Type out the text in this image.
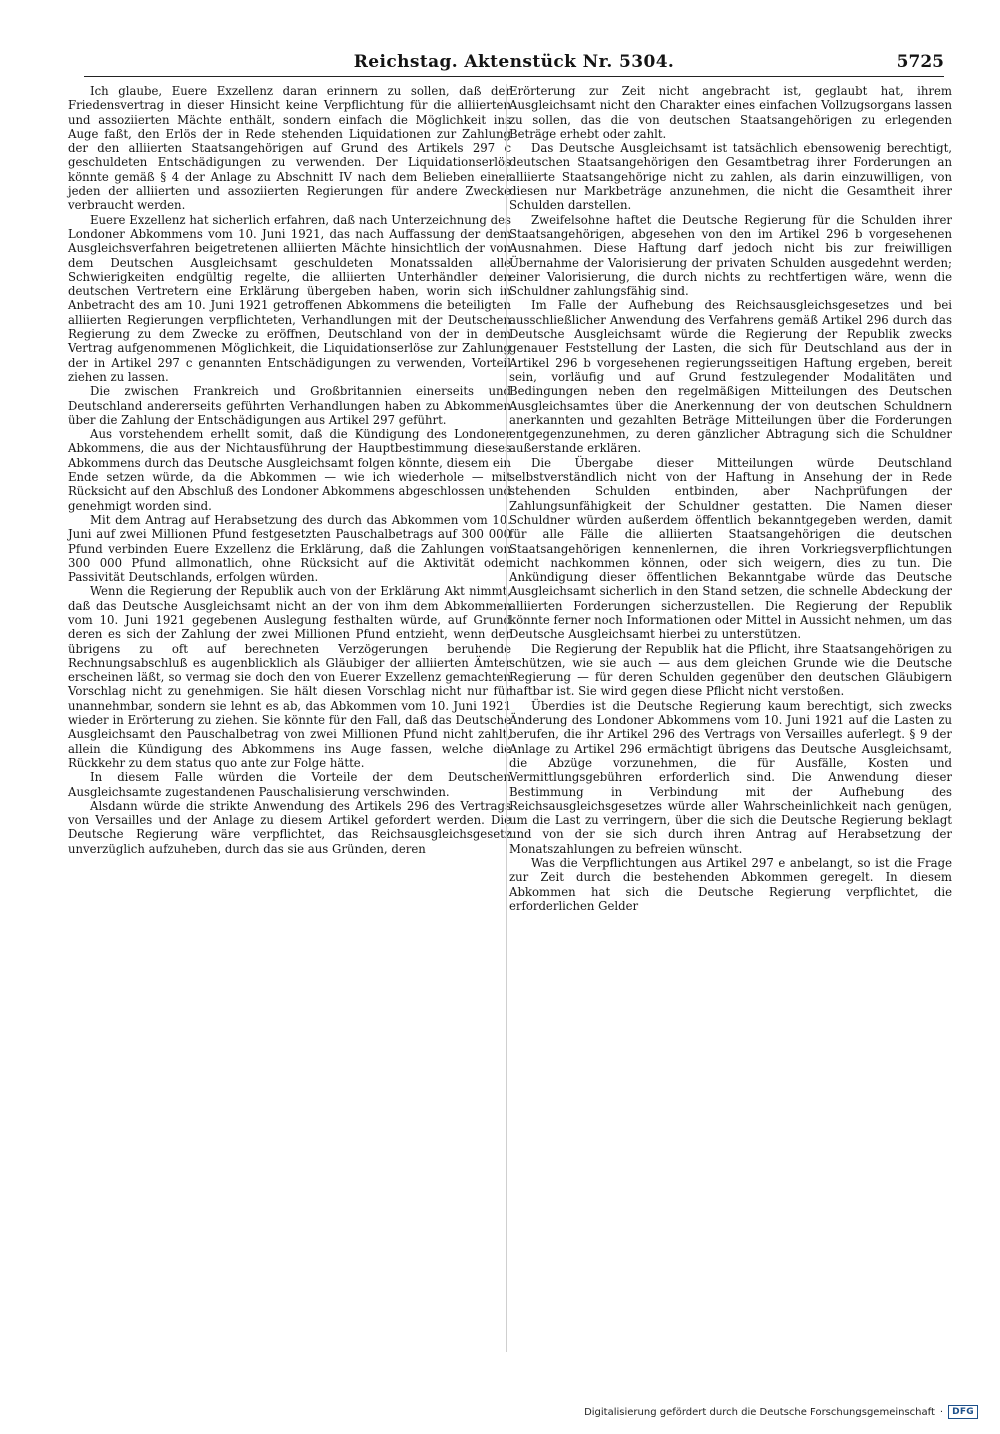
Reichstag. Aktenstück Nr. 5304.	5725

Ich glaube, Euere Exzellenz daran erinnern zu sollen, daß der Friedensvertrag in dieser Hinsicht keine Verpflichtung für die alliierten und assoziierten Mächte enthält, sondern einfach die Möglichkeit ins Auge faßt, den Erlös der in Rede stehenden Liquidationen zur Zahlung der den alliierten Staatsangehörigen auf Grund des Artikels 297 c geschuldeten Entschädigungen zu verwenden. Der Liquidationserlös könnte gemäß § 4 der Anlage zu Abschnitt IV nach dem Belieben einer jeden der alliierten und assoziierten Regierungen für andere Zwecke verbraucht werden.

Euere Exzellenz hat sicherlich erfahren, daß nach Unterzeichnung des Londoner Abkommens vom 10. Juni 1921, das nach Auffassung der dem Ausgleichsverfahren beigetretenen alliierten Mächte hinsichtlich der von dem Deutschen Ausgleichsamt geschuldeten Monatssalden alle Schwierigkeiten endgültig regelte, die alliierten Unterhändler den deutschen Vertretern eine Erklärung übergeben haben, worin sich in Anbetracht des am 10. Juni 1921 getroffenen Abkommens die beteiligten alliierten Regierungen verpflichteten, Verhandlungen mit der Deutschen Regierung zu dem Zwecke zu eröffnen, Deutschland von der in dem Vertrag aufgenommenen Möglichkeit, die Liquidationserlöse zur Zahlung der in Artikel 297 c genannten Entschädigungen zu verwenden, Vorteil ziehen zu lassen.

Die zwischen Frankreich und Großbritannien einerseits und Deutschland andererseits geführten Verhandlungen haben zu Abkommen über die Zahlung der Entschädigungen aus Artikel 297 geführt.

Aus vorstehendem erhellt somit, daß die Kündigung des Londoner Abkommens, die aus der Nichtausführung der Hauptbestimmung dieses Abkommens durch das Deutsche Ausgleichsamt folgen könnte, diesem ein Ende setzen würde, da die Abkommen — wie ich wiederhole — mit Rücksicht auf den Abschluß des Londoner Abkommens abgeschlossen und genehmigt worden sind.

Mit dem Antrag auf Herabsetzung des durch das Abkommen vom 10. Juni auf zwei Millionen Pfund festgesetzten Pauschalbetrags auf 300 000 Pfund verbinden Euere Exzellenz die Erklärung, daß die Zahlungen von 300 000 Pfund allmonatlich, ohne Rücksicht auf die Aktivität oder Passivität Deutschlands, erfolgen würden.

Wenn die Regierung der Republik auch von der Erklärung Akt nimmt, daß das Deutsche Ausgleichsamt nicht an der von ihm dem Abkommen vom 10. Juni 1921 gegebenen Auslegung festhalten würde, auf Grund deren es sich der Zahlung der zwei Millionen Pfund entzieht, wenn der übrigens zu oft auf berechneten Verzögerungen beruhende Rechnungsabschluß es augenblicklich als Gläubiger der alliierten Ämter erscheinen läßt, so vermag sie doch den von Euerer Exzellenz gemachten Vorschlag nicht zu genehmigen. Sie hält diesen Vorschlag nicht nur für unannehmbar, sondern sie lehnt es ab, das Abkommen vom 10. Juni 1921 wieder in Erörterung zu ziehen. Sie könnte für den Fall, daß das Deutsche Ausgleichsamt den Pauschalbetrag von zwei Millionen Pfund nicht zahlt, allein die Kündigung des Abkommens ins Auge fassen, welche die Rückkehr zu dem status quo ante zur Folge hätte.

In diesem Falle würden die Vorteile der dem Deutschen Ausgleichsamte zugestandenen Pauschalisierung verschwinden.

Alsdann würde die strikte Anwendung des Artikels 296 des Vertrags von Versailles und der Anlage zu diesem Artikel gefordert werden. Die Deutsche Regierung wäre verpflichtet, das Reichsausgleichsgesetz unverzüglich aufzuheben, durch das sie aus Gründen, deren

Erörterung zur Zeit nicht angebracht ist, geglaubt hat, ihrem Ausgleichsamt nicht den Charakter eines einfachen Vollzugsorgans lassen zu sollen, das die von deutschen Staatsangehörigen zu erlegenden Beträge erhebt oder zahlt.

Das Deutsche Ausgleichsamt ist tatsächlich ebensowenig berechtigt, deutschen Staatsangehörigen den Gesamtbetrag ihrer Forderungen an alliierte Staatsangehörige nicht zu zahlen, als darin einzuwilligen, von diesen nur Markbeträge anzunehmen, die nicht die Gesamtheit ihrer Schulden darstellen.

Zweifelsohne haftet die Deutsche Regierung für die Schulden ihrer Staatsangehörigen, abgesehen von den im Artikel 296 b vorgesehenen Ausnahmen. Diese Haftung darf jedoch nicht bis zur freiwilligen Übernahme der Valorisierung der privaten Schulden ausgedehnt werden; einer Valorisierung, die durch nichts zu rechtfertigen wäre, wenn die Schuldner zahlungsfähig sind.

Im Falle der Aufhebung des Reichsausgleichsgesetzes und bei ausschließlicher Anwendung des Verfahrens gemäß Artikel 296 durch das Deutsche Ausgleichsamt würde die Regierung der Republik zwecks genauer Feststellung der Lasten, die sich für Deutschland aus der in Artikel 296 b vorgesehenen regierungsseitigen Haftung ergeben, bereit sein, vorläufig und auf Grund festzulegender Modalitäten und Bedingungen neben den regelmäßigen Mitteilungen des Deutschen Ausgleichsamtes über die Anerkennung der von deutschen Schuldnern anerkannten und gezahlten Beträge Mitteilungen über die Forderungen entgegenzunehmen, zu deren gänzlicher Abtragung sich die Schuldner außerstande erklären.

Die Übergabe dieser Mitteilungen würde Deutschland selbstverständlich nicht von der Haftung in Ansehung der in Rede stehenden Schulden entbinden, aber Nachprüfungen der Zahlungsunfähigkeit der Schuldner gestatten. Die Namen dieser Schuldner würden außerdem öffentlich bekanntgegeben werden, damit für alle Fälle die alliierten Staatsangehörigen die deutschen Staatsangehörigen kennenlernen, die ihren Vorkriegsverpflichtungen nicht nachkommen können, oder sich weigern, dies zu tun. Die Ankündigung dieser öffentlichen Bekanntgabe würde das Deutsche Ausgleichsamt sicherlich in den Stand setzen, die schnelle Abdeckung der alliierten Forderungen sicherzustellen. Die Regierung der Republik könnte ferner noch Informationen oder Mittel in Aussicht nehmen, um das Deutsche Ausgleichsamt hierbei zu unterstützen.

Die Regierung der Republik hat die Pflicht, ihre Staatsangehörigen zu schützen, wie sie auch — aus dem gleichen Grunde wie die Deutsche Regierung — für deren Schulden gegenüber den deutschen Gläubigern haftbar ist. Sie wird gegen diese Pflicht nicht verstoßen.

Überdies ist die Deutsche Regierung kaum berechtigt, sich zwecks Änderung des Londoner Abkommens vom 10. Juni 1921 auf die Lasten zu berufen, die ihr Artikel 296 des Vertrags von Versailles auferlegt. § 9 der Anlage zu Artikel 296 ermächtigt übrigens das Deutsche Ausgleichsamt, die Abzüge vorzunehmen, die für Ausfälle, Kosten und Vermittlungsgebühren erforderlich sind. Die Anwendung dieser Bestimmung in Verbindung mit der Aufhebung des Reichsausgleichsgesetzes würde aller Wahrscheinlichkeit nach genügen, um die Last zu verringern, über die sich die Deutsche Regierung beklagt und von der sie sich durch ihren Antrag auf Herabsetzung der Monatszahlungen zu befreien wünscht.

Was die Verpflichtungen aus Artikel 297 e anbelangt, so ist die Frage zur Zeit durch die bestehenden Abkommen geregelt. In diesem Abkommen hat sich die Deutsche Regierung verpflichtet, die erforderlichen Gelder

Digitalisierung gefördert durch die Deutsche Forschungsgemeinschaft ·	DFG
